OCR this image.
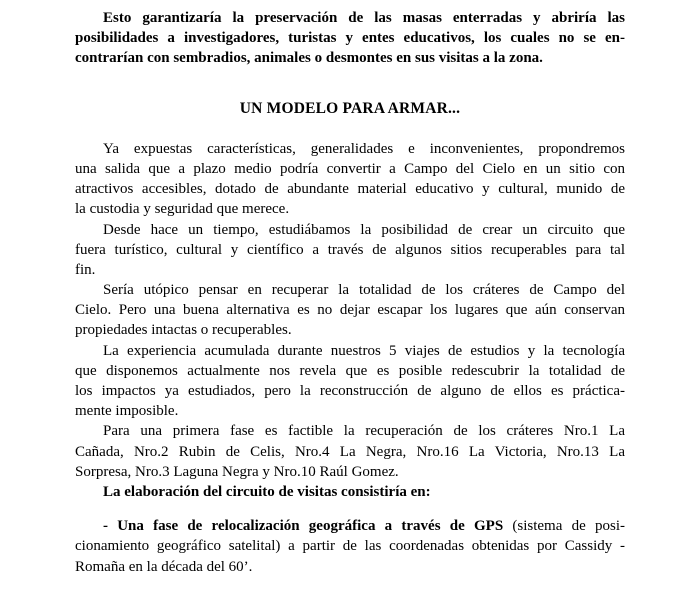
Esto garantizaría la preservación de las masas enterradas y abriría las
posibilidades a investigadores, turistas y entes educativos, los cuales no se en-
contrarían con sembradios, animales o desmontes en sus visitas a la zona.
UN MODELO PARA ARMAR...
Ya expuestas características, generalidades e inconvenientes, propondremos
una salida que a plazo medio podría convertir a Campo del Cielo en un sitio con
atractivos accesibles, dotado de abundante material educativo y cultural, munido de
la custodia y seguridad que merece.
Desde hace un tiempo, estudiábamos la posibilidad de crear un circuito que
fuera turístico, cultural y científico a través de algunos sitios recuperables para tal
fin.
Sería utópico pensar en recuperar la totalidad de los cráteres de Campo del
Cielo. Pero una buena alternativa es no dejar escapar los lugares que aún conservan
propiedades intactas o recuperables.
La experiencia acumulada durante nuestros 5 viajes de estudios y la tecnología
que disponemos actualmente nos revela que es posible redescubrir la totalidad de
los impactos ya estudiados, pero la reconstrucción de alguno de ellos es práctica-
mente imposible.
Para una primera fase es factible la recuperación de los cráteres Nro.1 La
Cañada, Nro.2 Rubin de Celis, Nro.4 La Negra, Nro.16 La Victoria, Nro.13 La
Sorpresa, Nro.3 Laguna Negra y Nro.10 Raúl Gomez.
La elaboración del circuito de visitas consistiría en:
- Una fase de relocalización geográfica a través de GPS (sistema de posi-
cionamiento geográfico satelital) a partir de las coordenadas obtenidas por Cassidy -
Romaña en la década del 60’.
